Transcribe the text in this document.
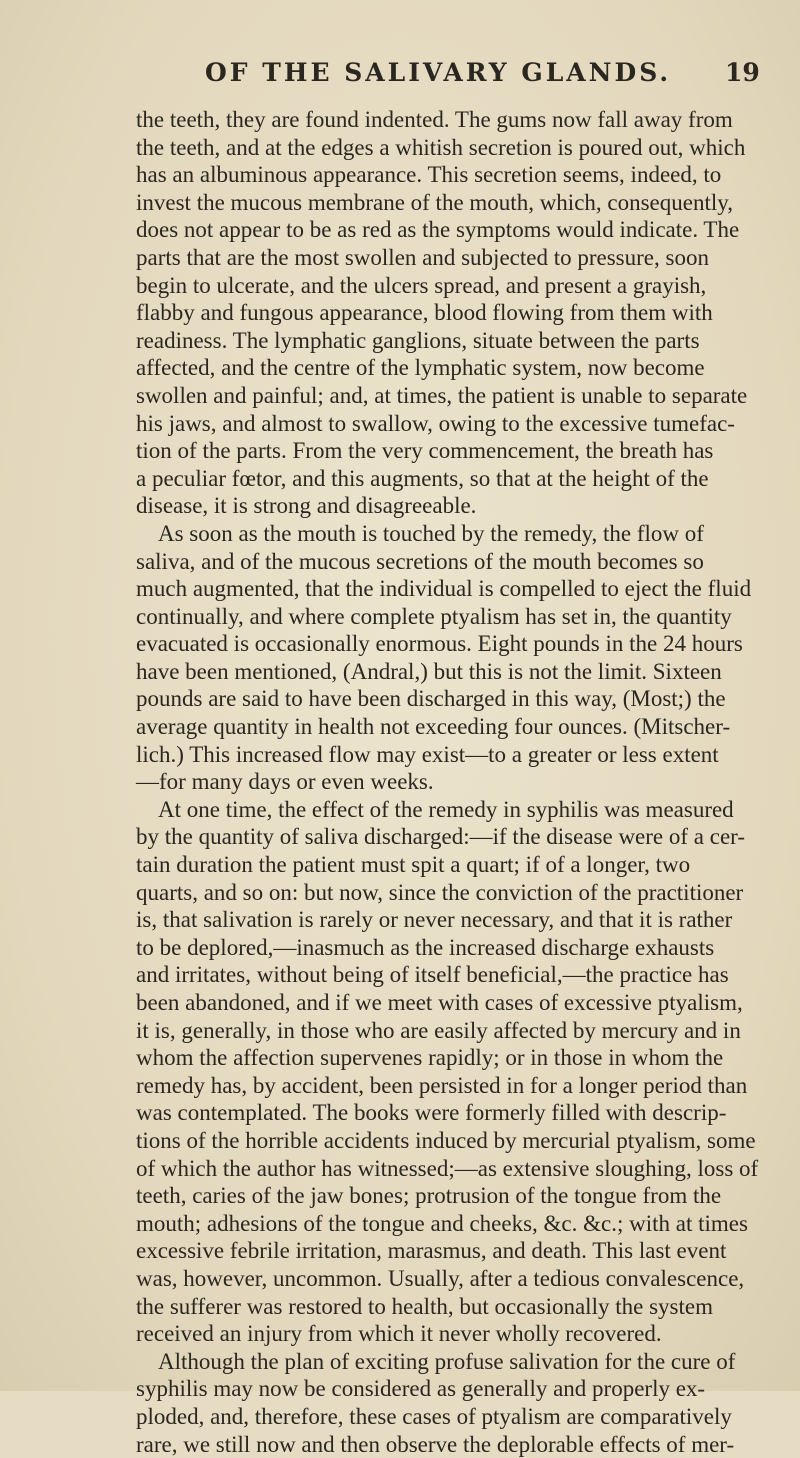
OF THE SALIVARY GLANDS. 19
the teeth, they are found indented. The gums now fall away from
the teeth, and at the edges a whitish secretion is poured out, which
has an albuminous appearance. This secretion seems, indeed, to
invest the mucous membrane of the mouth, which, consequently,
does not appear to be as red as the symptoms would indicate. The
parts that are the most swollen and subjected to pressure, soon
begin to ulcerate, and the ulcers spread, and present a grayish,
flabby and fungous appearance, blood flowing from them with
readiness. The lymphatic ganglions, situate between the parts
affected, and the centre of the lymphatic system, now become
swollen and painful; and, at times, the patient is unable to separate
his jaws, and almost to swallow, owing to the excessive tumefac-
tion of the parts. From the very commencement, the breath has
a peculiar fœtor, and this augments, so that at the height of the
disease, it is strong and disagreeable.
As soon as the mouth is touched by the remedy, the flow of
saliva, and of the mucous secretions of the mouth becomes so
much augmented, that the individual is compelled to eject the fluid
continually, and where complete ptyalism has set in, the quantity
evacuated is occasionally enormous. Eight pounds in the 24 hours
have been mentioned, (Andral,) but this is not the limit. Sixteen
pounds are said to have been discharged in this way, (Most;) the
average quantity in health not exceeding four ounces. (Mitscher-
lich.) This increased flow may exist—to a greater or less extent
—for many days or even weeks.
At one time, the effect of the remedy in syphilis was measured
by the quantity of saliva discharged:—if the disease were of a cer-
tain duration the patient must spit a quart; if of a longer, two
quarts, and so on: but now, since the conviction of the practitioner
is, that salivation is rarely or never necessary, and that it is rather
to be deplored,—inasmuch as the increased discharge exhausts
and irritates, without being of itself beneficial,—the practice has
been abandoned, and if we meet with cases of excessive ptyalism,
it is, generally, in those who are easily affected by mercury and in
whom the affection supervenes rapidly; or in those in whom the
remedy has, by accident, been persisted in for a longer period than
was contemplated. The books were formerly filled with descrip-
tions of the horrible accidents induced by mercurial ptyalism, some
of which the author has witnessed;—as extensive sloughing, loss of
teeth, caries of the jaw bones; protrusion of the tongue from the
mouth; adhesions of the tongue and cheeks, &c. &c.; with at times
excessive febrile irritation, marasmus, and death. This last event
was, however, uncommon. Usually, after a tedious convalescence,
the sufferer was restored to health, but occasionally the system
received an injury from which it never wholly recovered.
Although the plan of exciting profuse salivation for the cure of
syphilis may now be considered as generally and properly ex-
ploded, and, therefore, these cases of ptyalism are comparatively
rare, we still now and then observe the deplorable effects of mer-
